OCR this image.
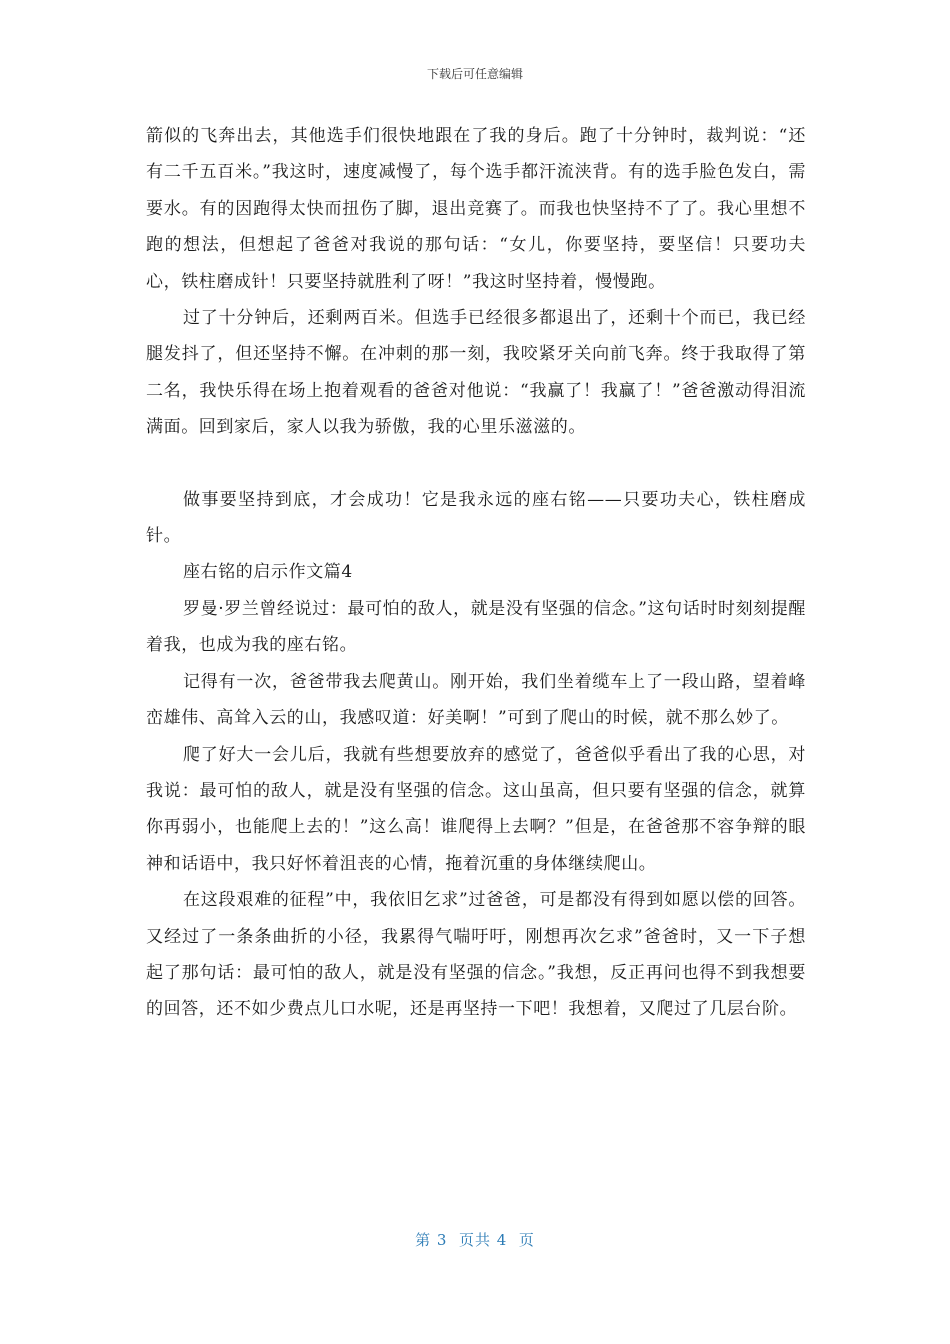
下载后可任意编辑

箭似的飞奔出去，其他选手们很快地跟在了我的身后。跑了十分钟时，裁判说：“还有二千五百米。”我这时，速度减慢了，每个选手都汗流浃背。有的选手脸色发白，需要水。有的因跑得太快而扭伤了脚，退出竞赛了。而我也快坚持不了了。我心里想不跑的想法，但想起了爸爸对我说的那句话：“女儿，你要坚持，要坚信！只要功夫心，铁柱磨成针！只要坚持就胜利了呀！”我这时坚持着，慢慢跑。

过了十分钟后，还剩两百米。但选手已经很多都退出了，还剩十个而已，我已经腿发抖了，但还坚持不懈。在冲刺的那一刻，我咬紧牙关向前飞奔。终于我取得了第二名，我快乐得在场上抱着观看的爸爸对他说：“我赢了！我赢了！”爸爸激动得泪流满面。回到家后，家人以我为骄傲，我的心里乐滋滋的。

做事要坚持到底，才会成功！它是我永远的座右铭——只要功夫心，铁柱磨成针。

座右铭的启示作文篇4

罗曼·罗兰曾经说过：最可怕的敌人，就是没有坚强的信念。”这句话时时刻刻提醒着我，也成为我的座右铭。

记得有一次，爸爸带我去爬黄山。刚开始，我们坐着缆车上了一段山路，望着峰峦雄伟、高耸入云的山，我感叹道：好美啊！”可到了爬山的时候，就不那么妙了。

爬了好大一会儿后，我就有些想要放弃的感觉了，爸爸似乎看出了我的心思，对我说：最可怕的敌人，就是没有坚强的信念。这山虽高，但只要有坚强的信念，就算你再弱小，也能爬上去的！”这么高！谁爬得上去啊？”但是，在爸爸那不容争辩的眼神和话语中，我只好怀着沮丧的心情，拖着沉重的身体继续爬山。

在这段艰难的征程”中，我依旧乞求”过爸爸，可是都没有得到如愿以偿的回答。又经过了一条条曲折的小径，我累得气喘吁吁，刚想再次乞求”爸爸时，又一下子想起了那句话：最可怕的敌人，就是没有坚强的信念。”我想，反正再问也得不到我想要的回答，还不如少费点儿口水呢，还是再坚持一下吧！我想着，又爬过了几层台阶。

第 3  页共 4  页
